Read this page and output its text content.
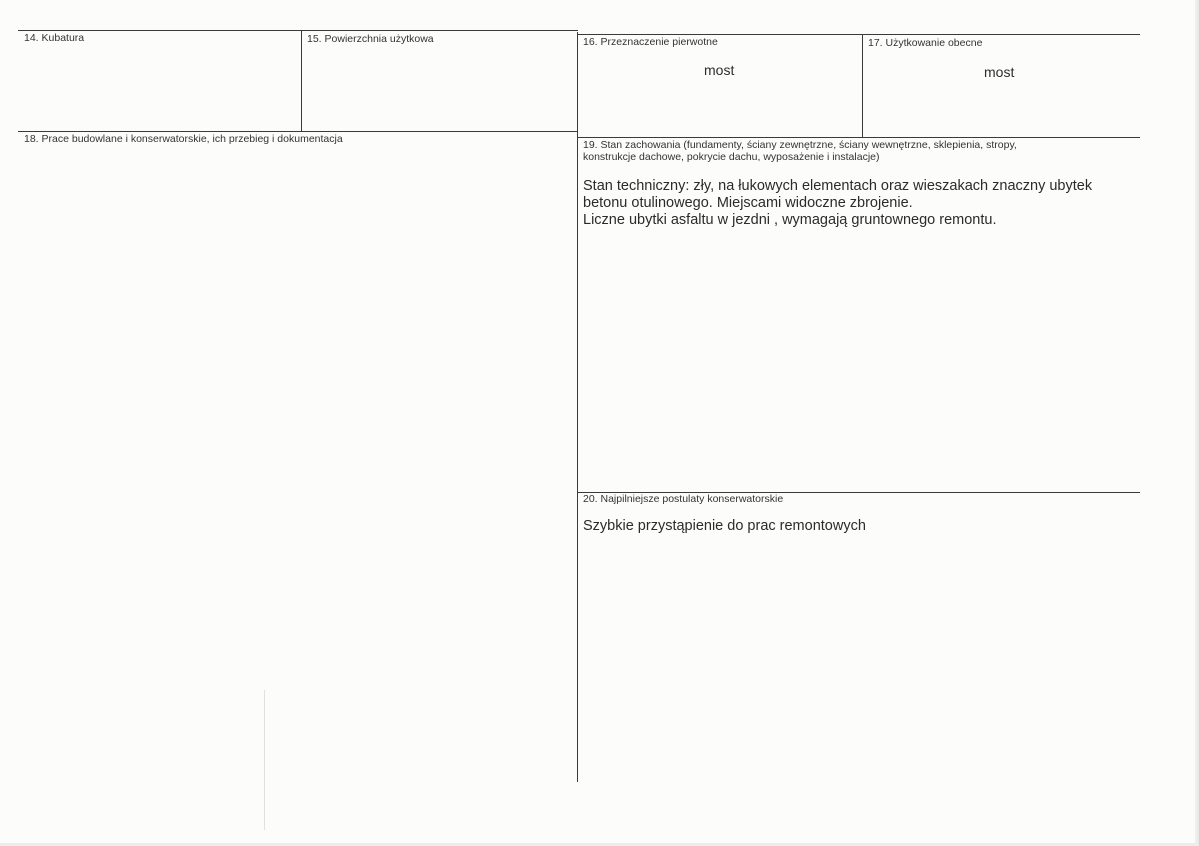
14. Kubatura	15. Powierzchnia użytkowa	16. Przeznaczenie pierwotne
most
17. Użytkowanie obecne
most
18. Prace budowlane i konserwatorskie, ich przebieg i dokumentacja	19. Stan zachowania (fundamenty, ściany zewnętrzne, ściany wewnętrzne, sklepienia, stropy, konstrukcje dachowe, pokrycie dachu, wyposażenie i instalacje)

Stan techniczny: zły, na łukowych elementach oraz wieszakach znaczny ubytek

betonu otulinowego. Miejscami widoczne zbrojenie.

Liczne ubytki asfaltu w jezdni , wymagają gruntownego remontu.

20. Najpilniejsze postulaty konserwatorskie
Szybkie przystąpienie do prac remontowych
